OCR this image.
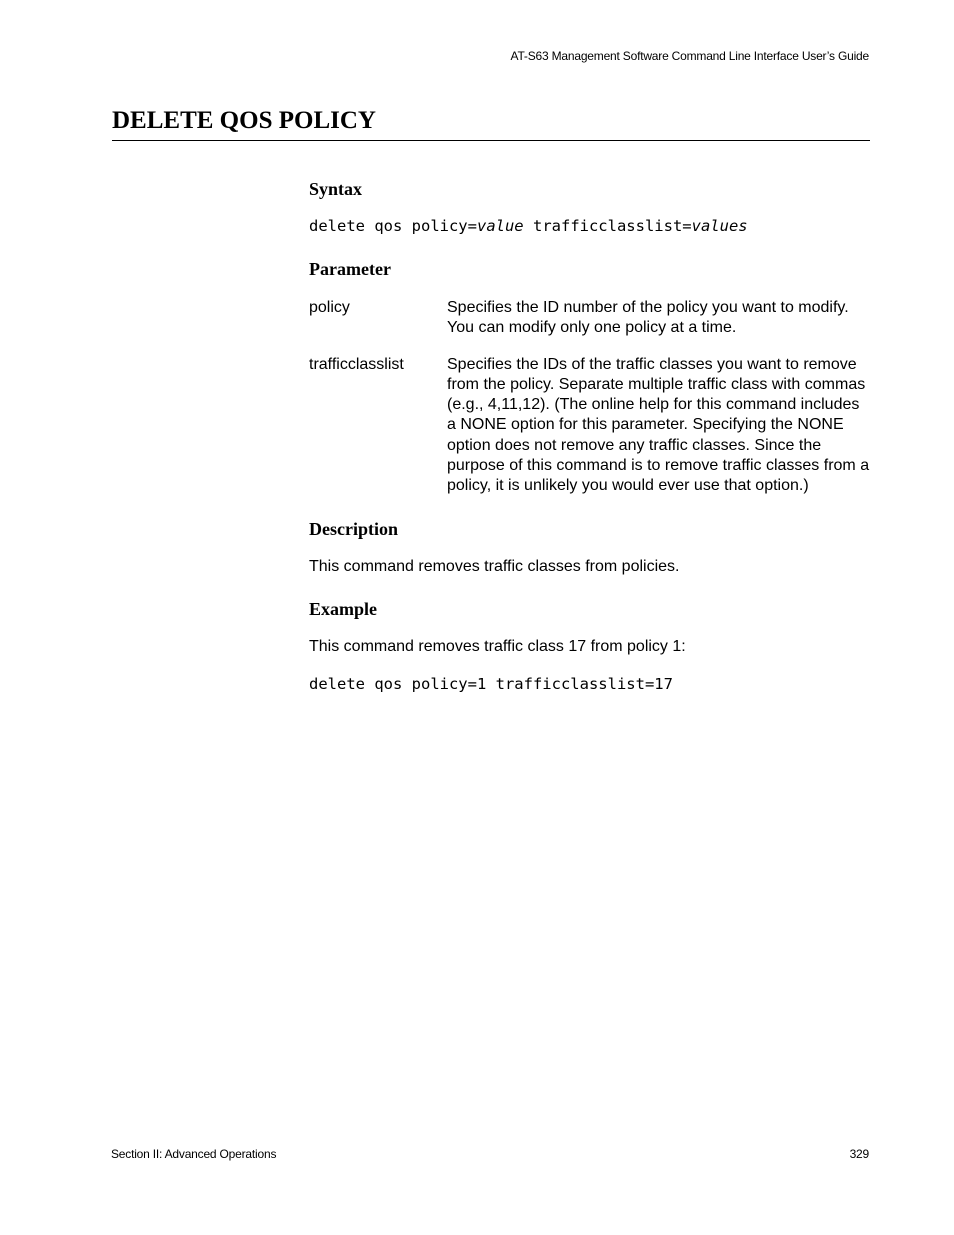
AT-S63 Management Software Command Line Interface User’s Guide
DELETE QOS POLICY
Syntax
delete qos policy=value trafficclasslist=values
Parameter
policy	Specifies the ID number of the policy you want to modify. You can modify only one policy at a time.
trafficclasslist	Specifies the IDs of the traffic classes you want to remove from the policy. Separate multiple traffic class with commas (e.g., 4,11,12). (The online help for this command includes a NONE option for this parameter. Specifying the NONE option does not remove any traffic classes. Since the purpose of this command is to remove traffic classes from a policy, it is unlikely you would ever use that option.)
Description

This command removes traffic classes from policies.

Example

This command removes traffic class 17 from policy 1:

delete qos policy=1 trafficclasslist=17
Section II: Advanced Operations	329
